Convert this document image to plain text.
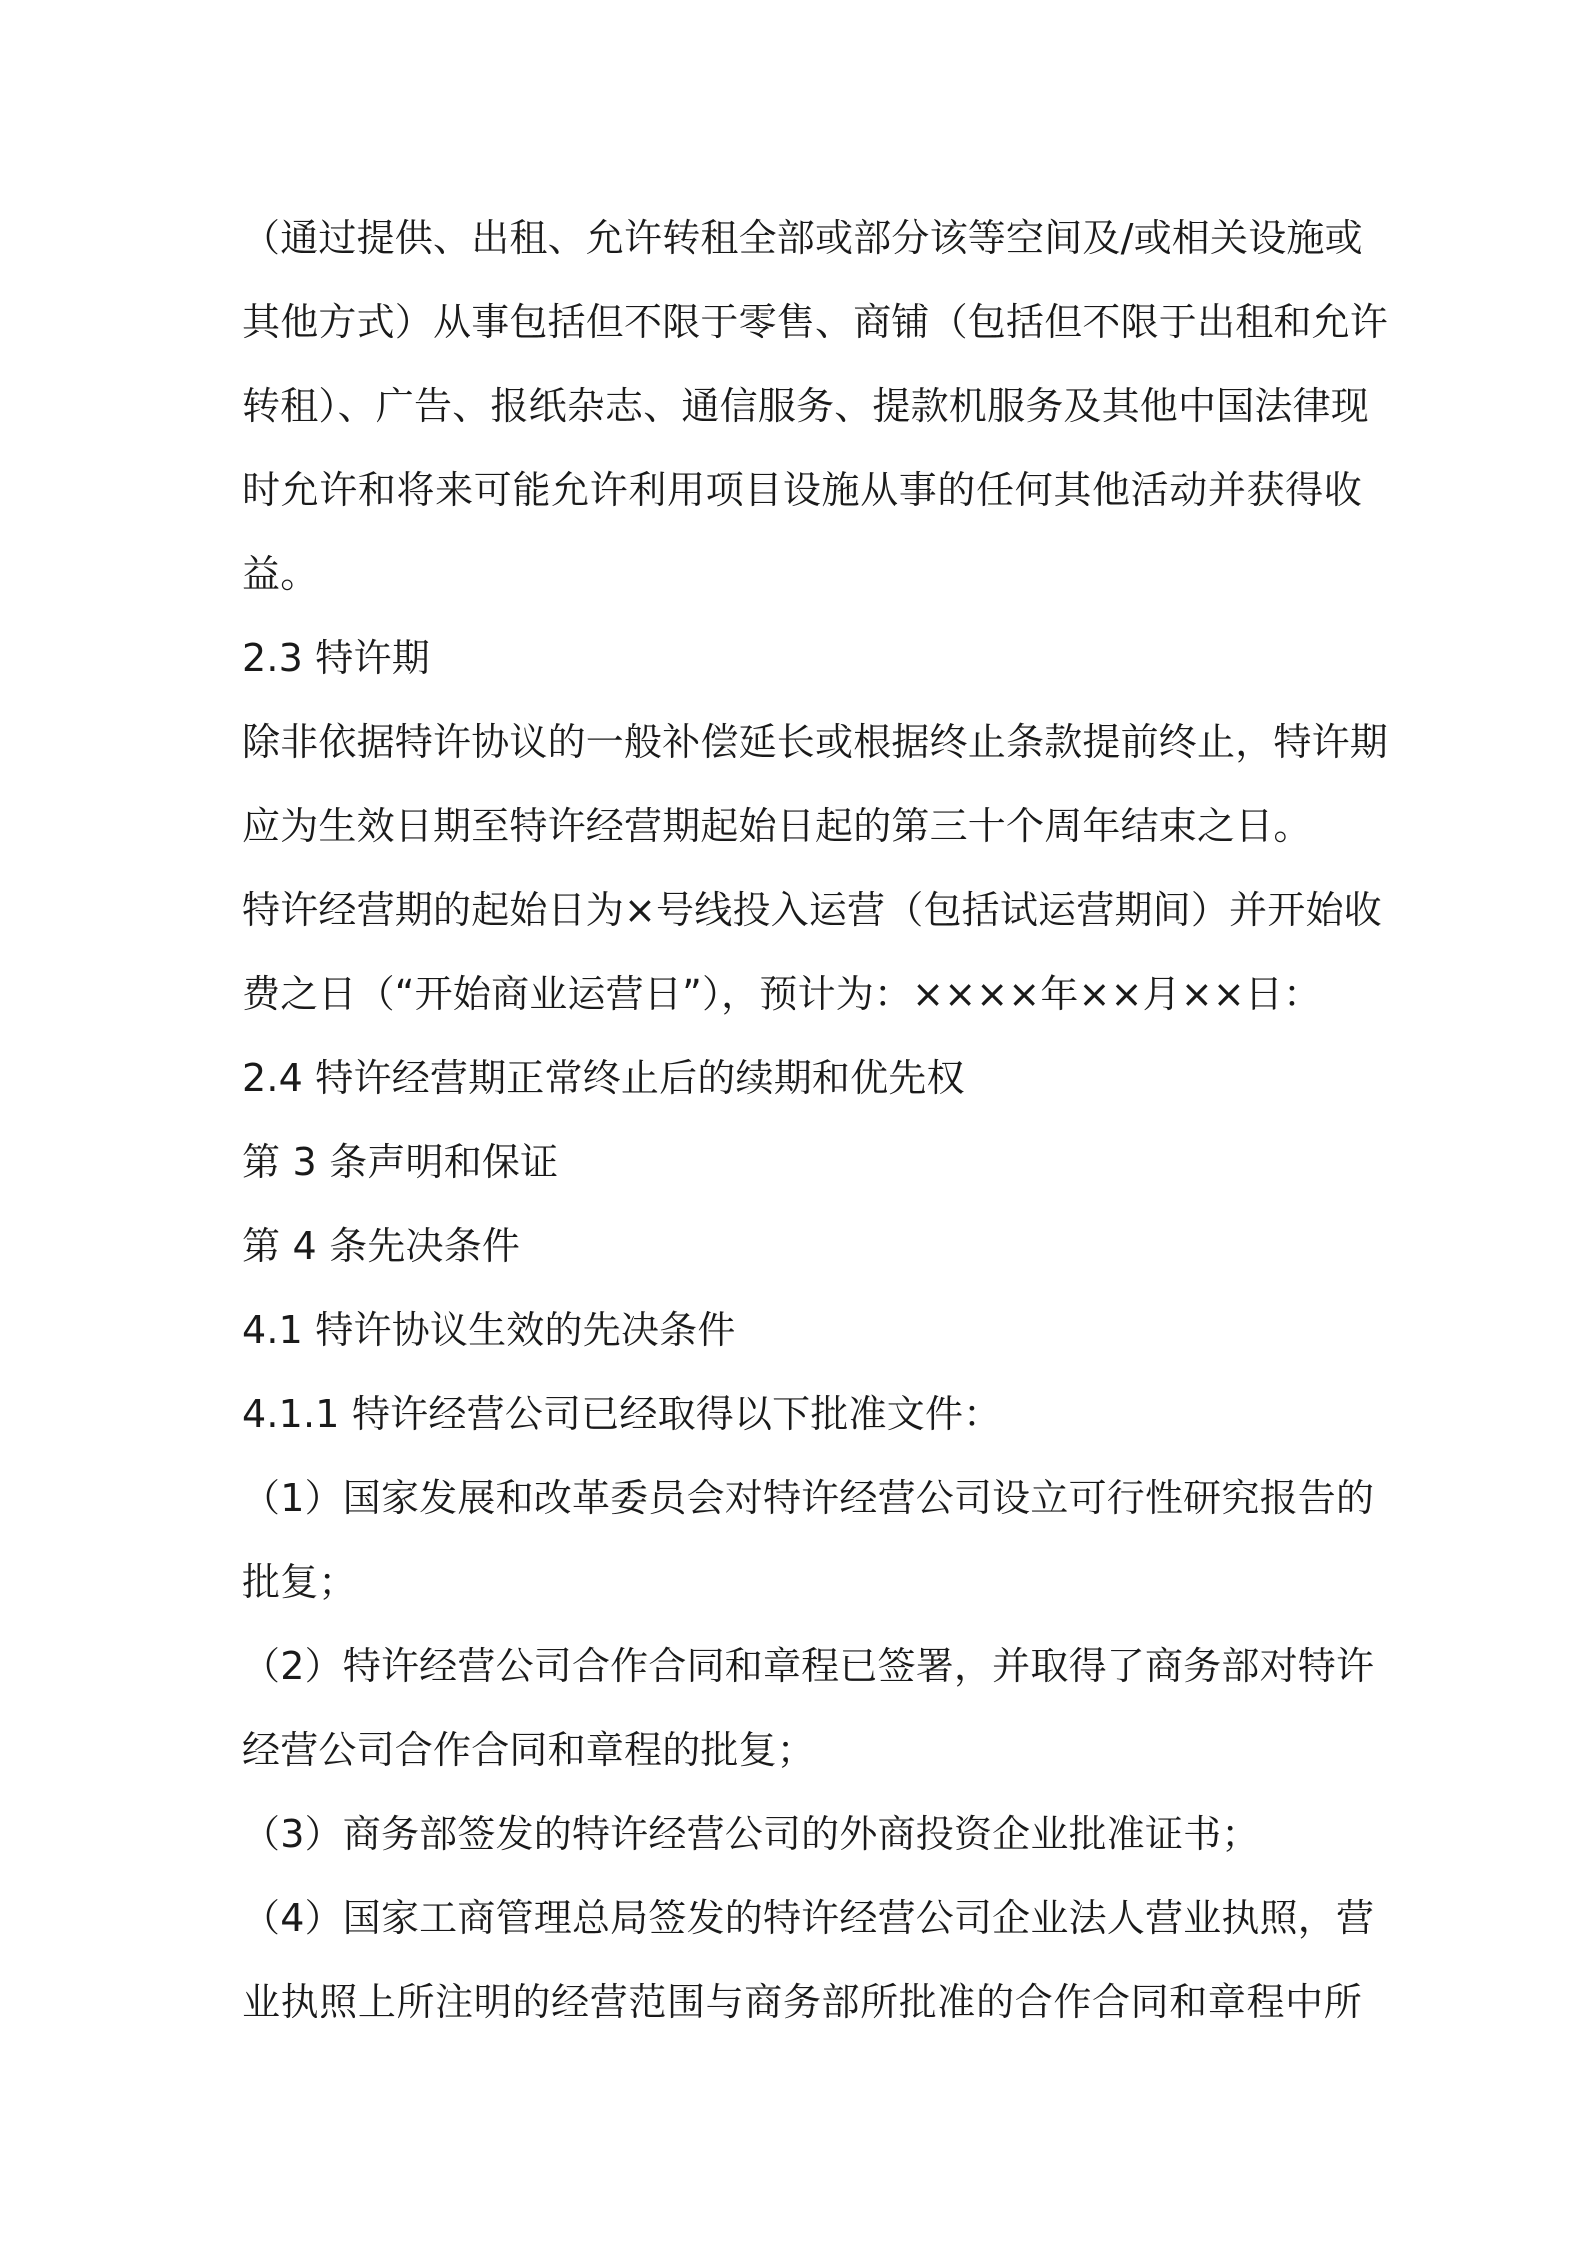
（通过提供、出租、允许转租全部或部分该等空间及/或相关设施或
其他方式）从事包括但不限于零售、商铺（包括但不限于出租和允许
转租）、广告、报纸杂志、通信服务、提款机服务及其他中国法律现
时允许和将来可能允许利用项目设施从事的任何其他活动并获得收
益。
2.3 特许期
除非依据特许协议的一般补偿延长或根据终止条款提前终止，特许期
应为生效日期至特许经营期起始日起的第三十个周年结束之日。
特许经营期的起始日为×号线投入运营（包括试运营期间）并开始收
费之日（“开始商业运营日”），预计为：××××年××月××日：
2.4 特许经营期正常终止后的续期和优先权
第 3 条声明和保证
第 4 条先决条件
4.1 特许协议生效的先决条件
4.1.1 特许经营公司已经取得以下批准文件：
（1）国家发展和改革委员会对特许经营公司设立可行性研究报告的
批复；
（2）特许经营公司合作合同和章程已签署，并取得了商务部对特许
经营公司合作合同和章程的批复；
（3）商务部签发的特许经营公司的外商投资企业批准证书；
（4）国家工商管理总局签发的特许经营公司企业法人营业执照，营
业执照上所注明的经营范围与商务部所批准的合作合同和章程中所
